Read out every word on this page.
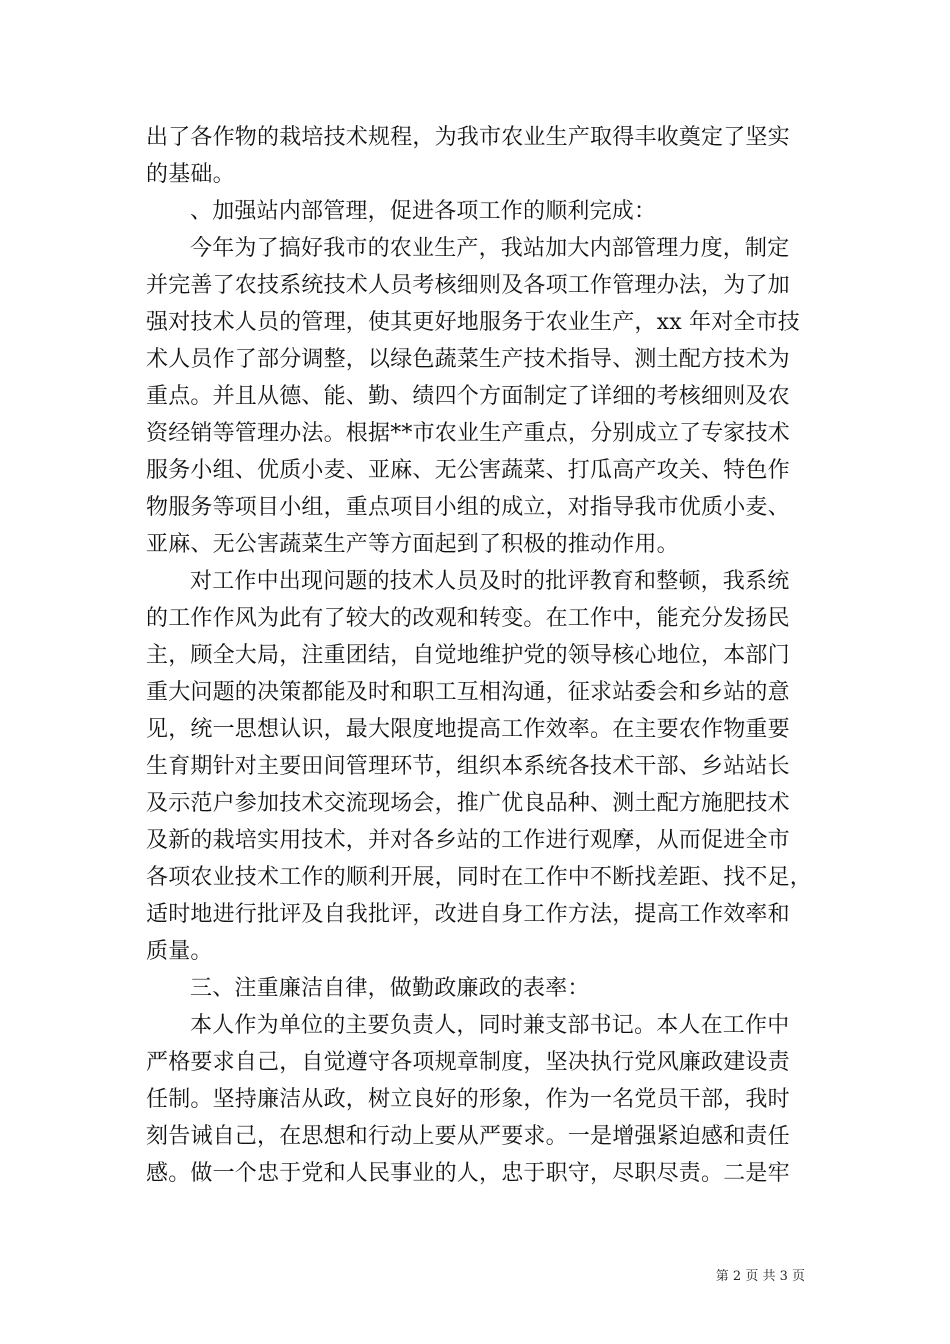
出了各作物的栽培技术规程，为我市农业生产取得丰收奠定了坚实
的基础。
、加强站内部管理，促进各项工作的顺利完成：
今年为了搞好我市的农业生产，我站加大内部管理力度，制定
并完善了农技系统技术人员考核细则及各项工作管理办法，为了加
强对技术人员的管理，使其更好地服务于农业生产，xx 年对全市技
术人员作了部分调整，以绿色蔬菜生产技术指导、测土配方技术为
重点。并且从德、能、勤、绩四个方面制定了详细的考核细则及农
资经销等管理办法。根据**市农业生产重点，分别成立了专家技术
服务小组、优质小麦、亚麻、无公害蔬菜、打瓜高产攻关、特色作
物服务等项目小组，重点项目小组的成立，对指导我市优质小麦、
亚麻、无公害蔬菜生产等方面起到了积极的推动作用。
对工作中出现问题的技术人员及时的批评教育和整顿，我系统
的工作作风为此有了较大的改观和转变。在工作中，能充分发扬民
主，顾全大局，注重团结，自觉地维护党的领导核心地位，本部门
重大问题的决策都能及时和职工互相沟通，征求站委会和乡站的意
见，统一思想认识，最大限度地提高工作效率。在主要农作物重要
生育期针对主要田间管理环节，组织本系统各技术干部、乡站站长
及示范户参加技术交流现场会，推广优良品种、测土配方施肥技术
及新的栽培实用技术，并对各乡站的工作进行观摩，从而促进全市
各项农业技术工作的顺利开展，同时在工作中不断找差距、找不足，
适时地进行批评及自我批评，改进自身工作方法，提高工作效率和
质量。
三、注重廉洁自律，做勤政廉政的表率：
本人作为单位的主要负责人，同时兼支部书记。本人在工作中
严格要求自己，自觉遵守各项规章制度，坚决执行党风廉政建设责
任制。坚持廉洁从政，树立良好的形象，作为一名党员干部，我时
刻告诫自己，在思想和行动上要从严要求。一是增强紧迫感和责任
感。做一个忠于党和人民事业的人，忠于职守，尽职尽责。二是牢
第 2 页 共 3 页
